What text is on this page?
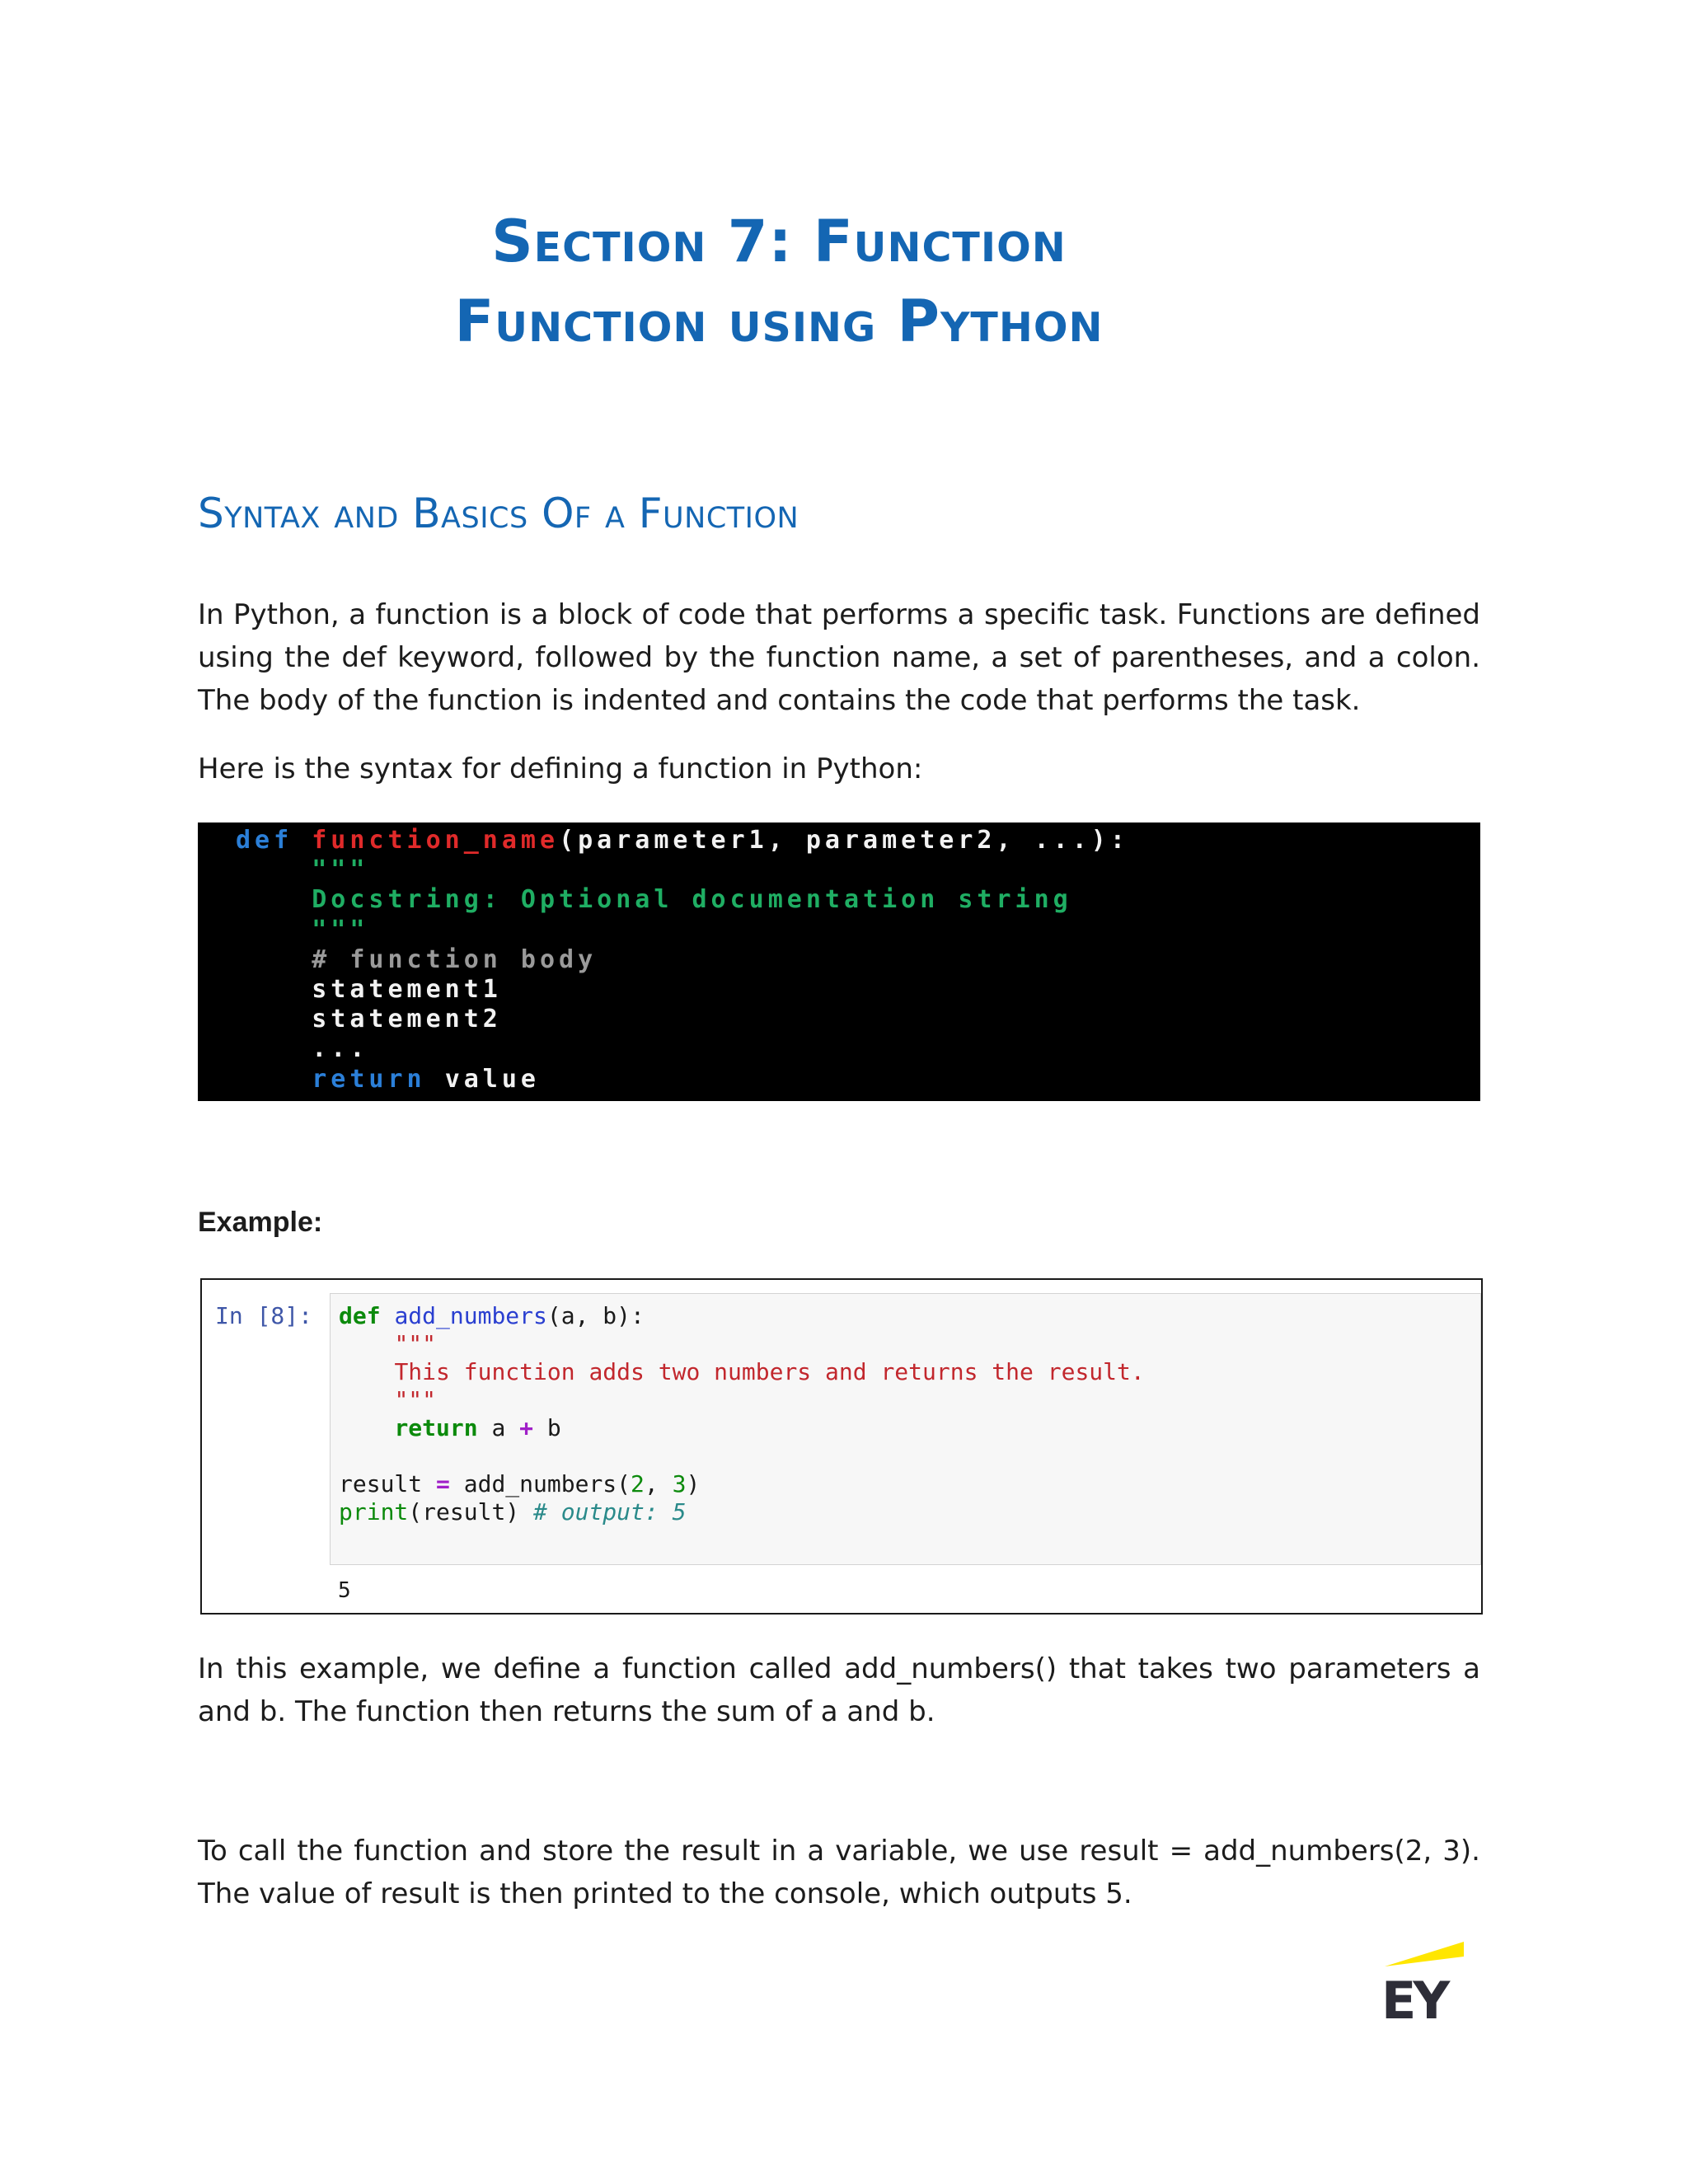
Section 7: Function
Function using Python
Syntax and Basics Of a Function

In Python, a function is a block of code that performs a specific task. Functions are defined using the def keyword, followed by the function name, a set of parentheses, and a colon. The body of the function is indented and contains the code that performs the task.

Here is the syntax for defining a function in Python:

def function_name(parameter1, parameter2, ...):
"""
Docstring: Optional documentation string
"""
# function body
statement1
statement2
...
return value
Example:
In [8]: def add_numbers(a, b):
"""
This function adds two numbers and returns the result.
"""
return a + b
result = add_numbers(2, 3)
print(result) # output: 5
5

In this example, we define a function called add_numbers() that takes two parameters a and b. The function then returns the sum of a and b.

To call the function and store the result in a variable, we use result = add_numbers(2, 3). The value of result is then printed to the console, which outputs 5.

EY
